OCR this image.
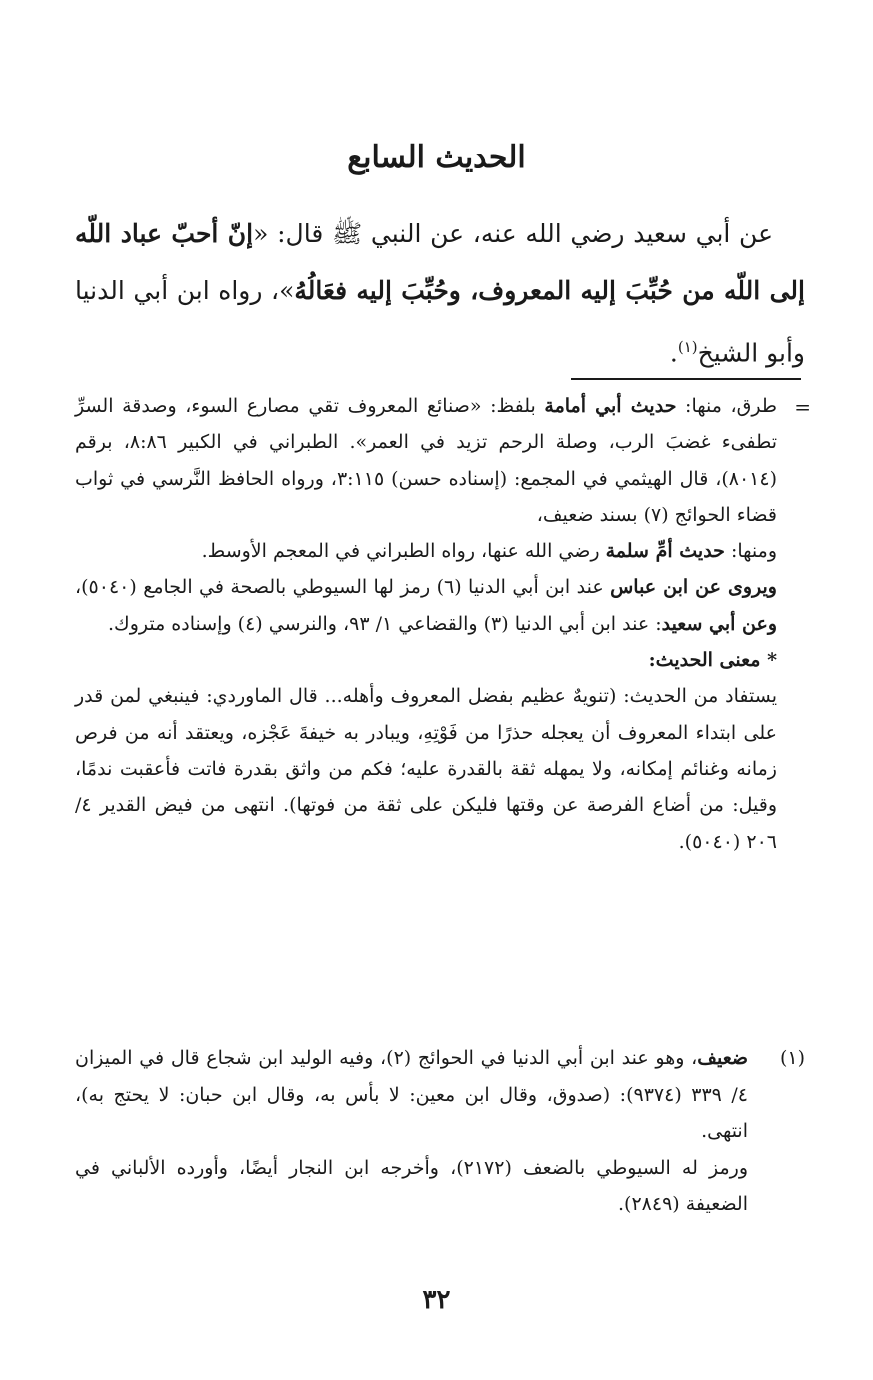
الحديث السابع
عن أبي سعيد رضي الله عنه، عن النبي ﷺ قال: «إنّ أحبّ عباد اللّه إلى اللّه من حُبِّبَ إليه المعروف، وحُبِّبَ إليه فعَالُهُ»، رواه ابن أبي الدنيا وأبو الشيخ$^{(١)}$.
=

طرق، منها: حديث أبي أمامة بلفظ: «صنائع المعروف تقي مصارع السوء، وصدقة السرِّ تطفىء غضبَ الرب، وصلة الرحم تزيد في العمر». الطبراني في الكبير ٨:٨٦، برقم (٨٠١٤)، قال الهيثمي في المجمع: (إسناده حسن) ٣:١١٥، ورواه الحافظ النَّرسي في ثواب قضاء الحوائج (٧) بسند ضعيف،

ومنها: حديث أمِّ سلمة رضي الله عنها، رواه الطبراني في المعجم الأوسط.

ويروى عن ابن عباس عند ابن أبي الدنيا (٦) رمز لها السيوطي بالصحة في الجامع (٥٠٤٠)، وعن أبي سعيد: عند ابن أبي الدنيا (٣) والقضاعي ١/ ٩٣، والنرسي (٤) وإسناده متروك.

* معنى الحديث:

يستفاد من الحديث: (تنويهٌ عظيم بفضل المعروف وأهله... قال الماوردي: فينبغي لمن قدر على ابتداء المعروف أن يعجله حذرًا من فَوْتِهِ، ويبادر به خيفةَ عَجْزه، ويعتقد أنه من فرص زمانه وغنائم إمكانه، ولا يمهله ثقة بالقدرة عليه؛ فكم من واثق بقدرة فاتت فأعقبت ندمًا، وقيل: من أضاع الفرصة عن وقتها فليكن على ثقة من فوتها). انتهى من فيض القدير ٤/ ٢٠٦ (٥٠٤٠).

(١)

ضعيف، وهو عند ابن أبي الدنيا في الحوائج (٢)، وفيه الوليد ابن شجاع قال في الميزان ٤/ ٣٣٩ (٩٣٧٤): (صدوق، وقال ابن معين: لا بأس به، وقال ابن حبان: لا يحتج به)، انتهى.

ورمز له السيوطي بالضعف (٢١٧٢)، وأخرجه ابن النجار أيضًا، وأورده الألباني في الضعيفة (٢٨٤٩).

٣٢
